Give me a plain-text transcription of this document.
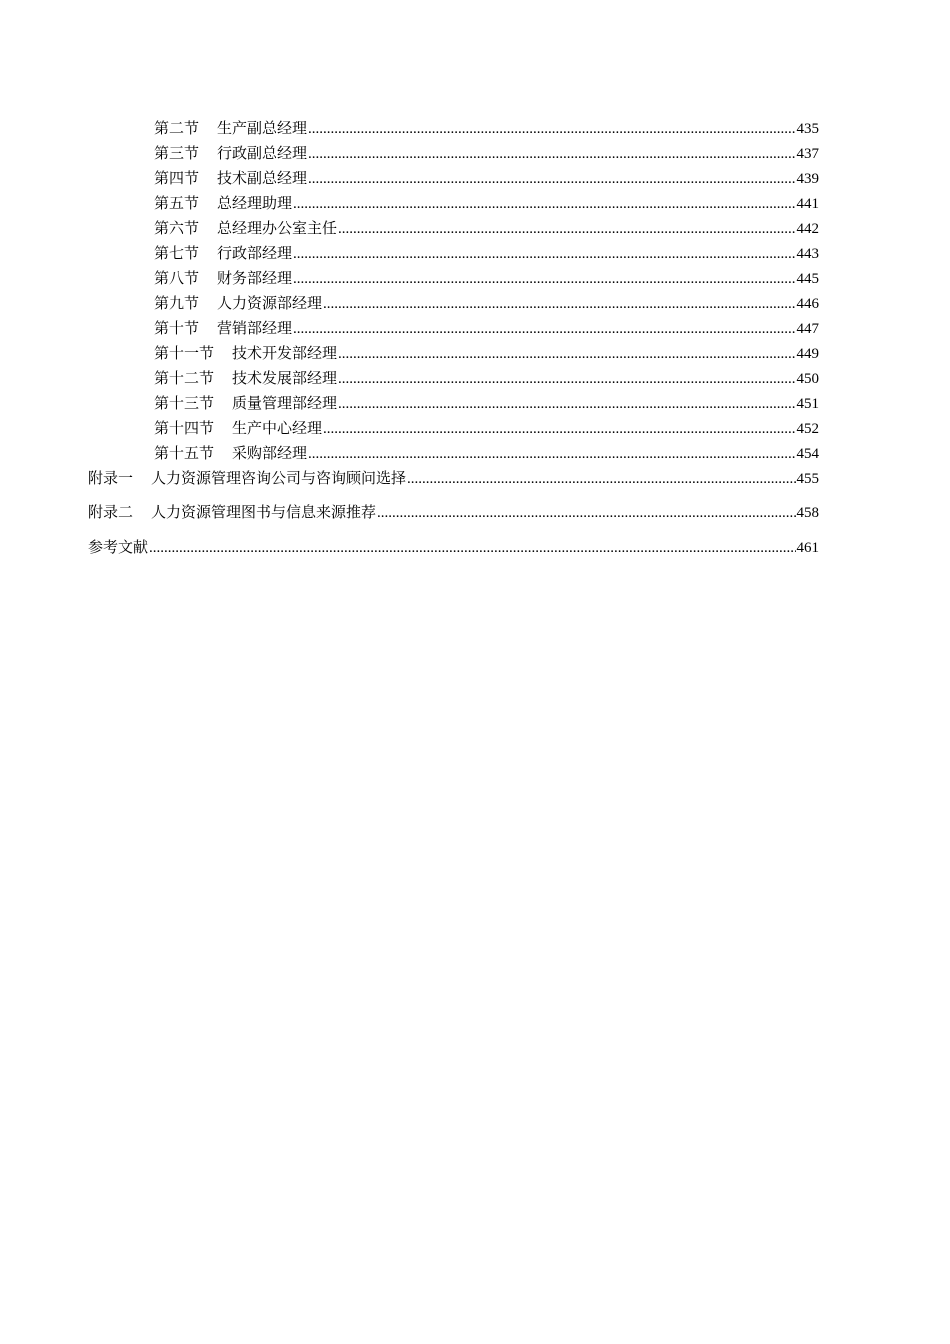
第二节	生产副总经理 .....	435
第三节	行政副总经理 .....	437
第四节	技术副总经理 .....	439
第五节	总经理助理 .....	441
第六节	总经理办公室主任 .....	442
第七节	行政部经理 .....	443
第八节	财务部经理 .....	445
第九节	人力资源部经理 .....	446
第十节	营销部经理 .....	447
第十一节	技术开发部经理 .....	449
第十二节	技术发展部经理 .....	450
第十三节	质量管理部经理 .....	451
第十四节	生产中心经理 .....	452
第十五节	采购部经理 .....	454
附录一	人力资源管理咨询公司与咨询顾问选择 .....	455
附录二	人力资源管理图书与信息来源推荐 .....	458
参考文献 .....	461
